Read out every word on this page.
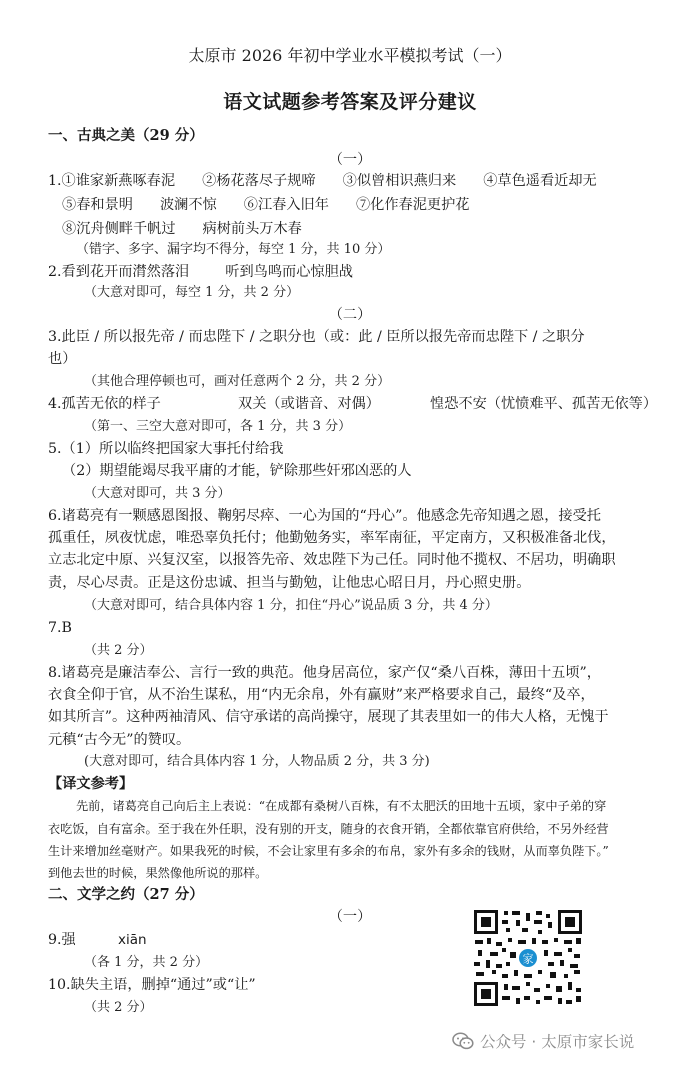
太原市 2026 年初中学业水平模拟考试（一）
语文试题参考答案及评分建议
一、古典之美（29 分）
（一）
1.①谁家新燕啄春泥      ②杨花落尽子规啼      ③似曾相识燕归来      ④草色遥看近却无
⑤春和景明      波澜不惊      ⑥江春入旧年      ⑦化作春泥更护花
⑧沉舟侧畔千帆过      病树前头万木春
（错字、多字、漏字均不得分，每空 1 分，共 10 分）
2.看到花开而潸然落泪        听到鸟鸣而心惊胆战
（大意对即可，每空 1 分，共 2 分）
（二）
3.此臣 / 所以报先帝 / 而忠陛下 / 之职分也（或：此 / 臣所以报先帝而忠陛下 / 之职分
也）
（其他合理停顿也可，画对任意两个 2 分，共 2 分）
4.孤苦无依的样子	双关（或谐音、对偶）	惶恐不安（忧愤难平、孤苦无依等）
（第一、三空大意对即可，各 1 分，共 3 分）
5.（1）所以临终把国家大事托付给我
（2）期望能竭尽我平庸的才能，铲除那些奸邪凶恶的人
（大意对即可，共 3 分）
6.诸葛亮有一颗感恩图报、鞠躬尽瘁、一心为国的“丹心”。他感念先帝知遇之恩，接受托
孤重任，夙夜忧虑，唯恐辜负托付；他勤勉务实，率军南征，平定南方，又积极准备北伐，
立志北定中原、兴复汉室，以报答先帝、效忠陛下为己任。同时他不揽权、不居功，明确职
责，尽心尽责。正是这份忠诚、担当与勤勉，让他忠心昭日月，丹心照史册。
（大意对即可，结合具体内容 1 分，扣住“丹心”说品质 3 分，共 4 分）
7.B
（共 2 分）
8.诸葛亮是廉洁奉公、言行一致的典范。他身居高位，家产仅“桑八百株，薄田十五顷”，
衣食全仰于官，从不治生谋私，用“内无余帛，外有赢财”来严格要求自己，最终“及卒，
如其所言”。这种两袖清风、信守承诺的高尚操守，展现了其表里如一的伟大人格，无愧于
元稹“古今无”的赞叹。
(大意对即可，结合具体内容 1 分，人物品质 2 分，共 3 分)
【译文参考】
先前，诸葛亮自己向后主上表说：“在成都有桑树八百株，有不太肥沃的田地十五顷，家中子弟的穿
衣吃饭，自有富余。至于我在外任职，没有别的开支，随身的衣食开销，全都依靠官府供给，不另外经营
生计来增加丝毫财产。如果我死的时候，不会让家里有多余的布帛，家外有多余的钱财，从而辜负陛下。”
到他去世的时候，果然像他所说的那样。
二、文学之约（27 分）
（一）
9.强	xiān
（各 1 分，共 2 分）
10.缺失主语，删掉“通过”或“让”
（共 2 分）
家
公众号 · 太原市家长说
